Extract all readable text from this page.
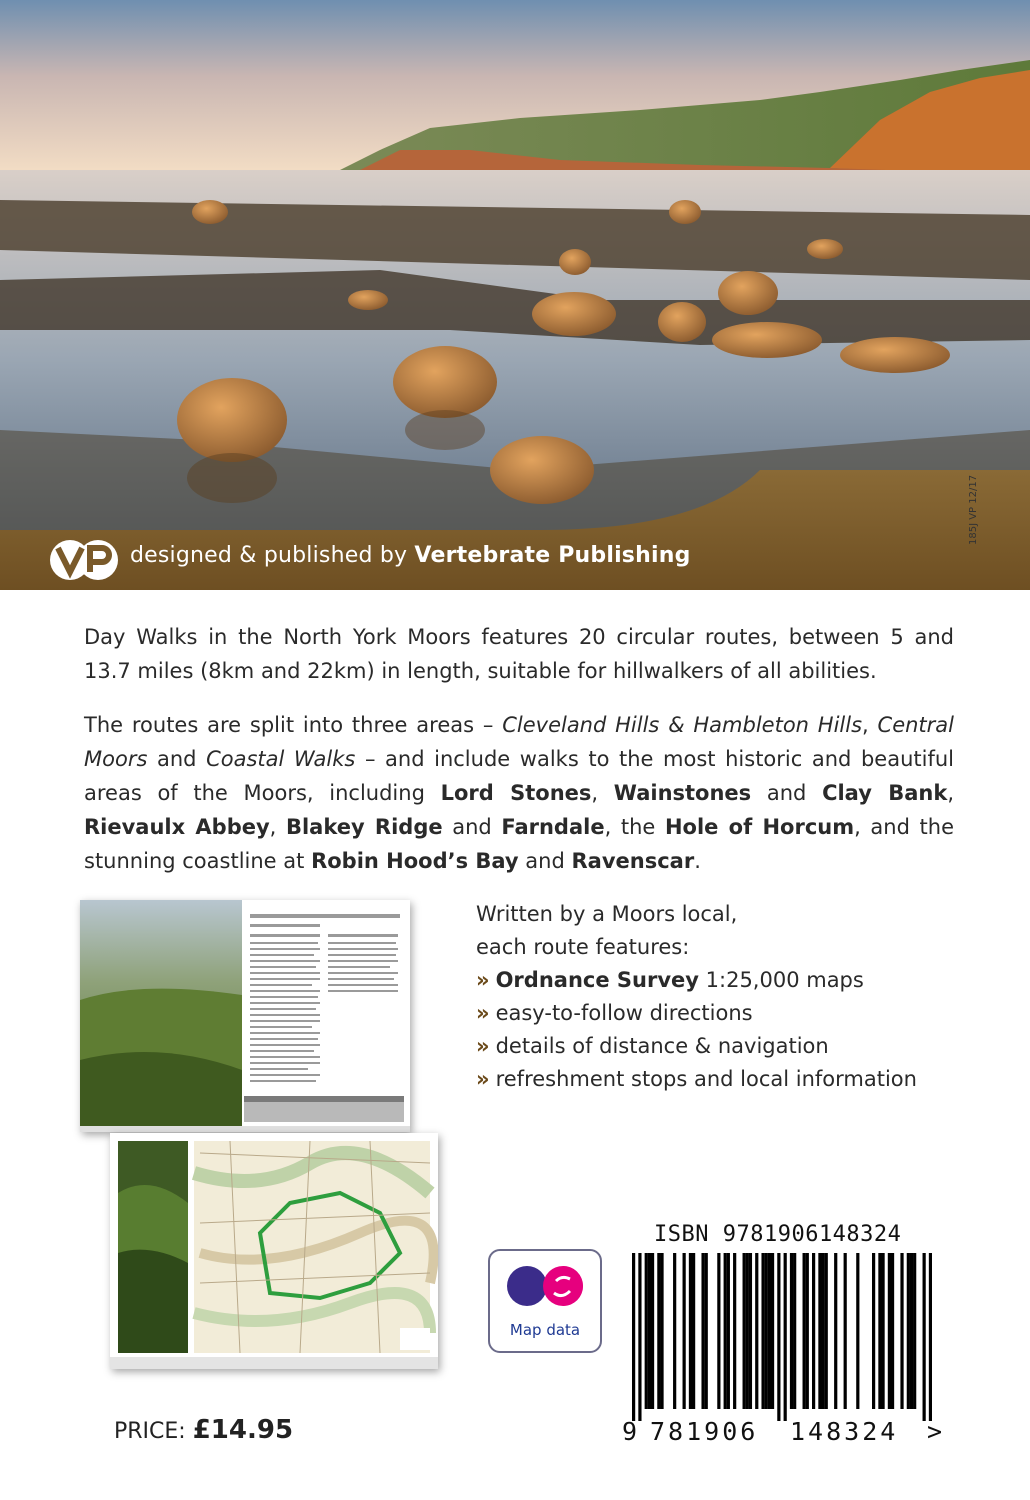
designed & published by Vertebrate Publishing
185J VP 12/17
Day Walks in the North York Moors features 20 circular routes, between 5 and 13.7 miles (8km and 22km) in length, suitable for hillwalkers of all abilities.
The routes are split into three areas – Cleveland Hills & Hambleton Hills, Central Moors and Coastal Walks – and include walks to the most historic and beautiful areas of the Moors, including Lord Stones, Wainstones and Clay Bank, Rievaulx Abbey, Blakey Ridge and Farndale, the Hole of Horcum, and the stunning coastline at Robin Hood’s Bay and Ravenscar.
Written by a Moors local,
each route features:
» Ordnance Survey 1:25,000 maps
» easy-to-follow directions
» details of distance & navigation
» refreshment stops and local information
Map data
ISBN 9781906148324
9 781906 148324 >
PRICE: £14.95
